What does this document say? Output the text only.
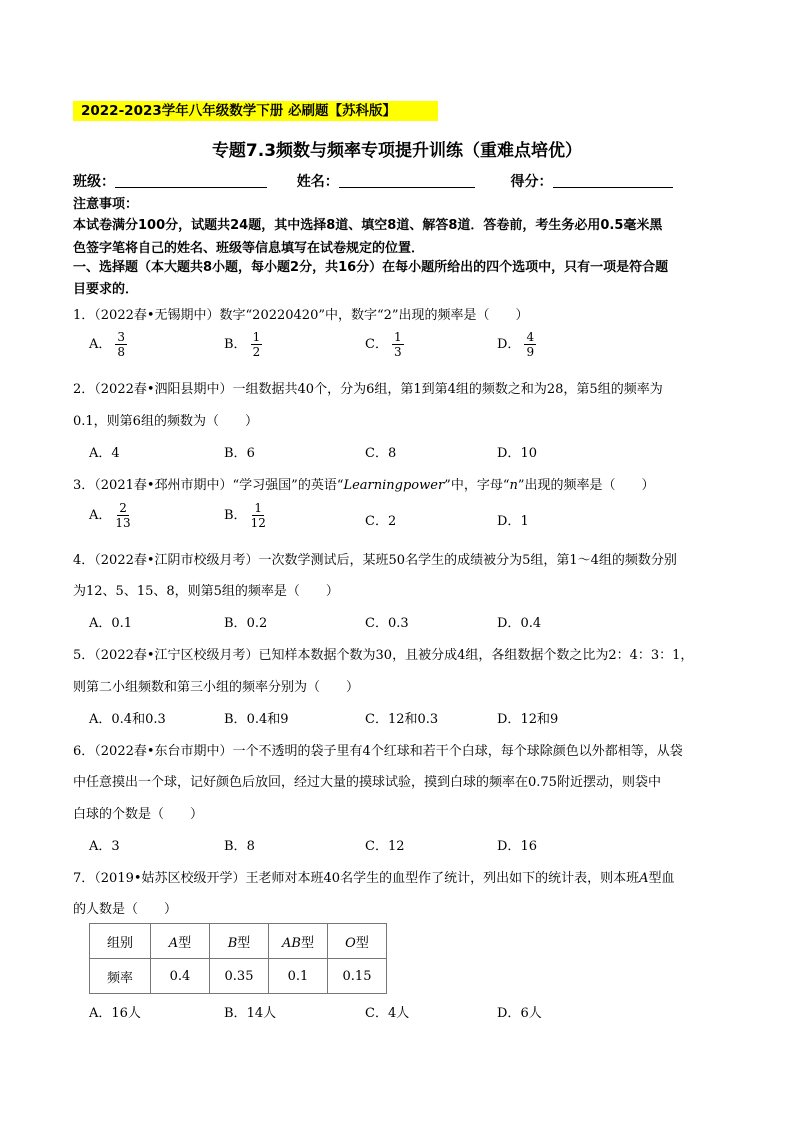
2022-2023学年八年级数学下册 必刷题【苏科版】
专题7.3频数与频率专项提升训练（重难点培优）
班级：	姓名：	得分：
注意事项：
本试卷满分100分，试题共24题，其中选择8道、填空8道、解答8道．答卷前，考生务必用0.5毫米黑
色签字笔将自己的姓名、班级等信息填写在试卷规定的位置．
一、选择题（本大题共8小题，每小题2分，共16分）在每小题所给出的四个选项中，只有一项是符合题
目要求的．
1．（2022春•无锡期中）数字“20220420”中，数字“2”出现的频率是（　　）
A． $\frac{3}{8}$	B． $\frac{1}{2}$	C． $\frac{1}{3}$	D． $\frac{4}{9}$
2．（2022春•泗阳县期中）一组数据共40个，分为6组，第1到第4组的频数之和为28，第5组的频率为
0.1，则第6组的频数为（　　）
A．4	B．6	C．8	D．10
3．（2021春•邳州市期中）“学习强国”的英语“Learningpower”中，字母“n”出现的频率是（　　）
A． $\frac{2}{13}$	B． $\frac{1}{12}$	C．2	D．1
4．（2022春•江阴市校级月考）一次数学测试后，某班50名学生的成绩被分为5组，第1～4组的频数分别
为12、5、15、8，则第5组的频率是（　　）
A．0.1	B．0.2	C．0.3	D．0.4
5．（2022春•江宁区校级月考）已知样本数据个数为30，且被分成4组，各组数据个数之比为2：4：3：1，
则第二小组频数和第三小组的频率分别为（　　）
A．0.4和0.3	B．0.4和9	C．12和0.3	D．12和9
6．（2022春•东台市期中）一个不透明的袋子里有4个红球和若干个白球，每个球除颜色以外都相等，从袋
中任意摸出一个球，记好颜色后放回，经过大量的摸球试验，摸到白球的频率在0.75附近摆动，则袋中
白球的个数是（　　）
A．3	B．8	C．12	D．16
7．（2019•姑苏区校级开学）王老师对本班40名学生的血型作了统计，列出如下的统计表，则本班A型血
的人数是（　　）
组别	A型	B型	AB型	O型
频率	0.4	0.35	0.1	0.15
A．16人	B．14人	C．4人	D．6人
